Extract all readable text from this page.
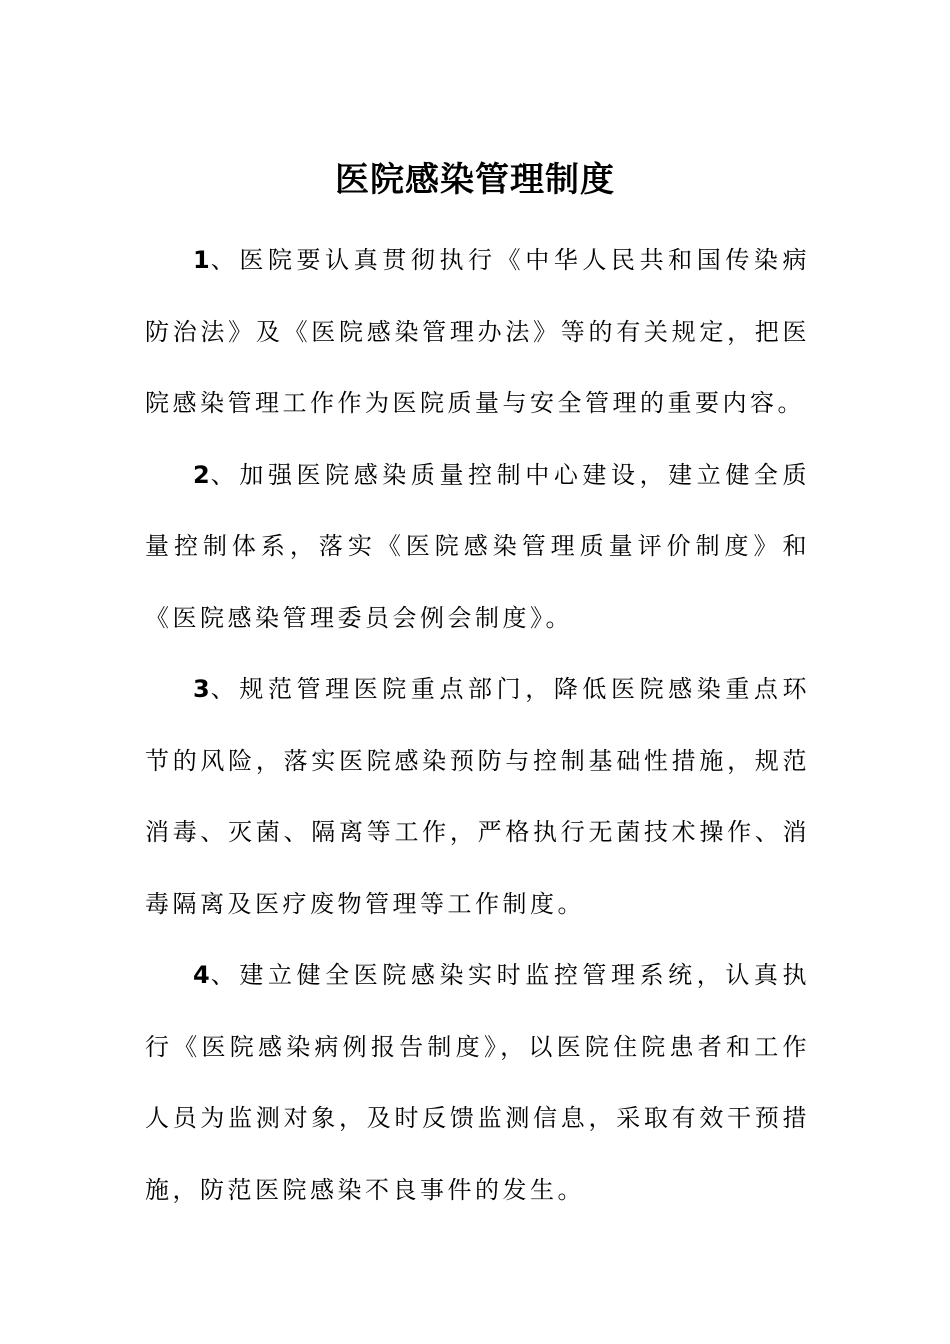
医院感染管理制度

1、医院要认真贯彻执行《中华人民共和国传染病防治法》及《医院感染管理办法》等的有关规定，把医院感染管理工作作为医院质量与安全管理的重要内容。

2、加强医院感染质量控制中心建设，建立健全质量控制体系，落实《医院感染管理质量评价制度》和《医院感染管理委员会例会制度》。

3、规范管理医院重点部门，降低医院感染重点环节的风险，落实医院感染预防与控制基础性措施，规范消毒、灭菌、隔离等工作，严格执行无菌技术操作、消毒隔离及医疗废物管理等工作制度。

4、建立健全医院感染实时监控管理系统，认真执行《医院感染病例报告制度》，以医院住院患者和工作人员为监测对象，及时反馈监测信息，采取有效干预措施，防范医院感染不良事件的发生。
